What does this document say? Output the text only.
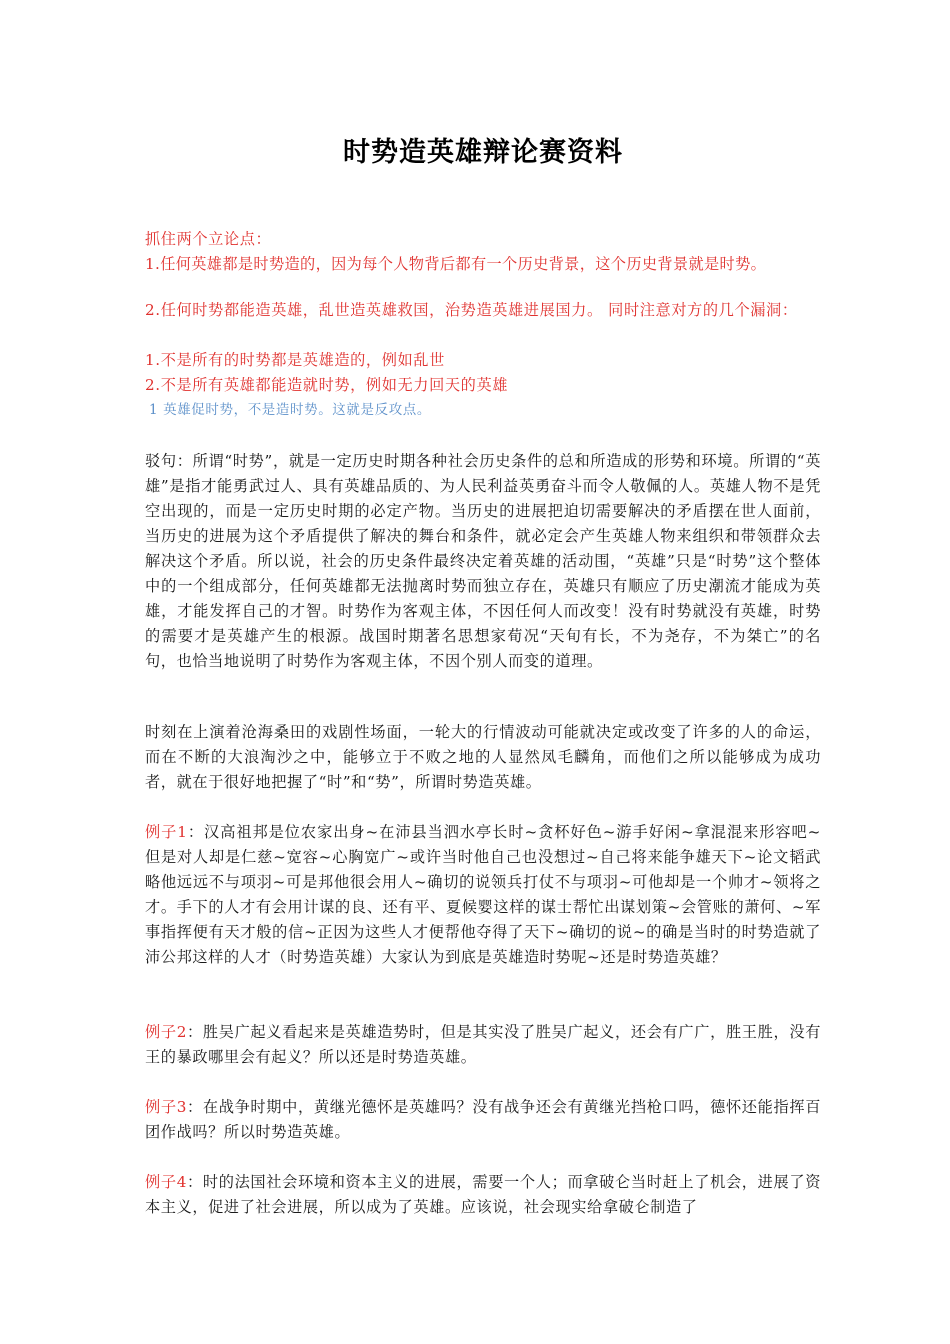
时势造英雄辩论赛资料
抓住两个立论点：
1.任何英雄都是时势造的，因为每个人物背后都有一个历史背景，这个历史背景就是时势。
2.任何时势都能造英雄，乱世造英雄救国，治势造英雄进展国力。 同时注意对方的几个漏洞：
1.不是所有的时势都是英雄造的，例如乱世
2.不是所有英雄都能造就时势，例如无力回天的英雄
1 英雄促时势，不是造时势。这就是反攻点。

驳句：所谓“时势”，就是一定历史时期各种社会历史条件的总和所造成的形势和环境。所谓的“英雄”是指才能勇武过人、具有英雄品质的、为人民利益英勇奋斗而令人敬佩的人。英雄人物不是凭空出现的，而是一定历史时期的必定产物。当历史的进展把迫切需要解决的矛盾摆在世人面前，当历史的进展为这个矛盾提供了解决的舞台和条件，就必定会产生英雄人物来组织和带领群众去解决这个矛盾。所以说，社会的历史条件最终决定着英雄的活动围，“英雄”只是“时势”这个整体中的一个组成部分，任何英雄都无法抛离时势而独立存在，英雄只有顺应了历史潮流才能成为英雄，才能发挥自己的才智。时势作为客观主体，不因任何人而改变！没有时势就没有英雄，时势的需要才是英雄产生的根源。战国时期著名思想家荀况“天旬有长，不为尧存，不为桀亡”的名句，也恰当地说明了时势作为客观主体，不因个别人而变的道理。

时刻在上演着沧海桑田的戏剧性场面，一轮大的行情波动可能就决定或改变了许多的人的命运，而在不断的大浪淘沙之中，能够立于不败之地的人显然凤毛麟角，而他们之所以能够成为成功者，就在于很好地把握了“时”和“势”，所谓时势造英雄。

例子1：汉高祖邦是位农家出身~在沛县当泗水亭长时~贪杯好色~游手好闲~拿混混来形容吧~但是对人却是仁慈~宽容~心胸宽广~或许当时他自己也没想过~自己将来能争雄天下~论文韬武略他远远不与项羽~可是邦他很会用人~确切的说领兵打仗不与项羽~可他却是一个帅才~领将之才。手下的人才有会用计谋的良、还有平、夏候婴这样的谋士帮忙出谋划策~会管账的萧何、~军事指挥便有天才般的信~正因为这些人才便帮他夺得了天下~确切的说~的确是当时的时势造就了沛公邦这样的人才（时势造英雄）大家认为到底是英雄造时势呢~还是时势造英雄？

例子2：胜吴广起义看起来是英雄造势时，但是其实没了胜吴广起义，还会有广广，胜王胜，没有王的暴政哪里会有起义？所以还是时势造英雄。

例子3：在战争时期中，黄继光德怀是英雄吗？没有战争还会有黄继光挡枪口吗，德怀还能指挥百团作战吗？所以时势造英雄。

例子4：时的法国社会环境和资本主义的进展，需要一个人；而拿破仑当时赶上了机会，进展了资本主义，促进了社会进展，所以成为了英雄。应该说，社会现实给拿破仑制造了
